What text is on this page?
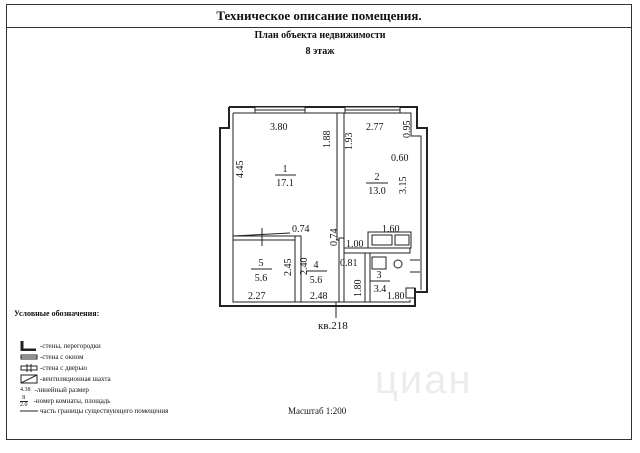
Техническое описание помещения.
План объекта недвижимости
8 этаж
1
17.1
2
13.0
3
3.4
4
5.6
5
5.6
3.80
1.88 1.93
2.77 0.95
4.45
0.60
3.15
0.74 0.74	1.60
1.00
0.81
2.45 2.40
2.27	2.48	1.80 1.80
кв.218
циан
Условные обозначения:
-стены, перегородки
-стена с окном
-стена с дверью
-вентиляционная шахта
4.38 -линейный размер
8
2.0 -номер комнаты, площадь
часть границы существующего помещения	Масштаб 1:200
